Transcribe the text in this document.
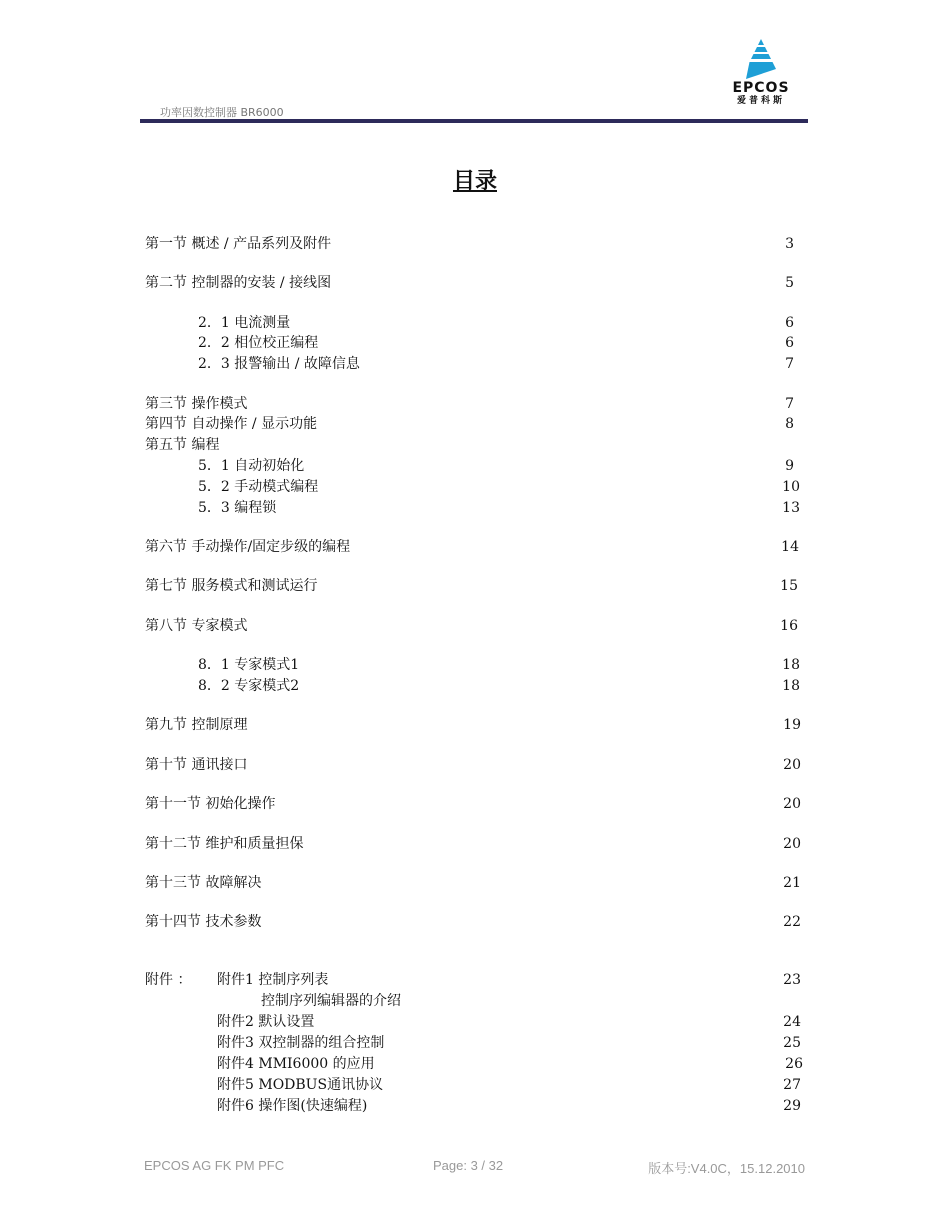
功率因数控制器 BR6000
EPCOS
爱普科斯
目录
第一节 概述 / 产品系列及附件	3
第二节 控制器的安装 / 接线图	5
2．1 电流测量	6
2．2 相位校正编程	6
2．3 报警输出 / 故障信息	7
第三节 操作模式	7
第四节 自动操作 / 显示功能	8
第五节 编程
5．1 自动初始化	9
5．2 手动模式编程	10
5．3 编程锁	13
第六节 手动操作/固定步级的编程	14
第七节 服务模式和测试运行	15
第八节 专家模式	16
8．1 专家模式1	18
8．2 专家模式2	18
第九节 控制原理	19
第十节 通讯接口	20
第十一节 初始化操作	20
第十二节 维护和质量担保	20
第十三节 故障解决	21
第十四节 技术参数	22
附件 ： 附件1 控制序列表	23
控制序列编辑器的介绍
附件2 默认设置	24
附件3 双控制器的组合控制	25
附件4 MMI6000 的应用	26
附件5 MODBUS通讯协议	27
附件6 操作图(快速编程)	29
EPCOS AG FK PM PFC	Page: 3 / 32	版本号:V4.0C，15.12.2010
